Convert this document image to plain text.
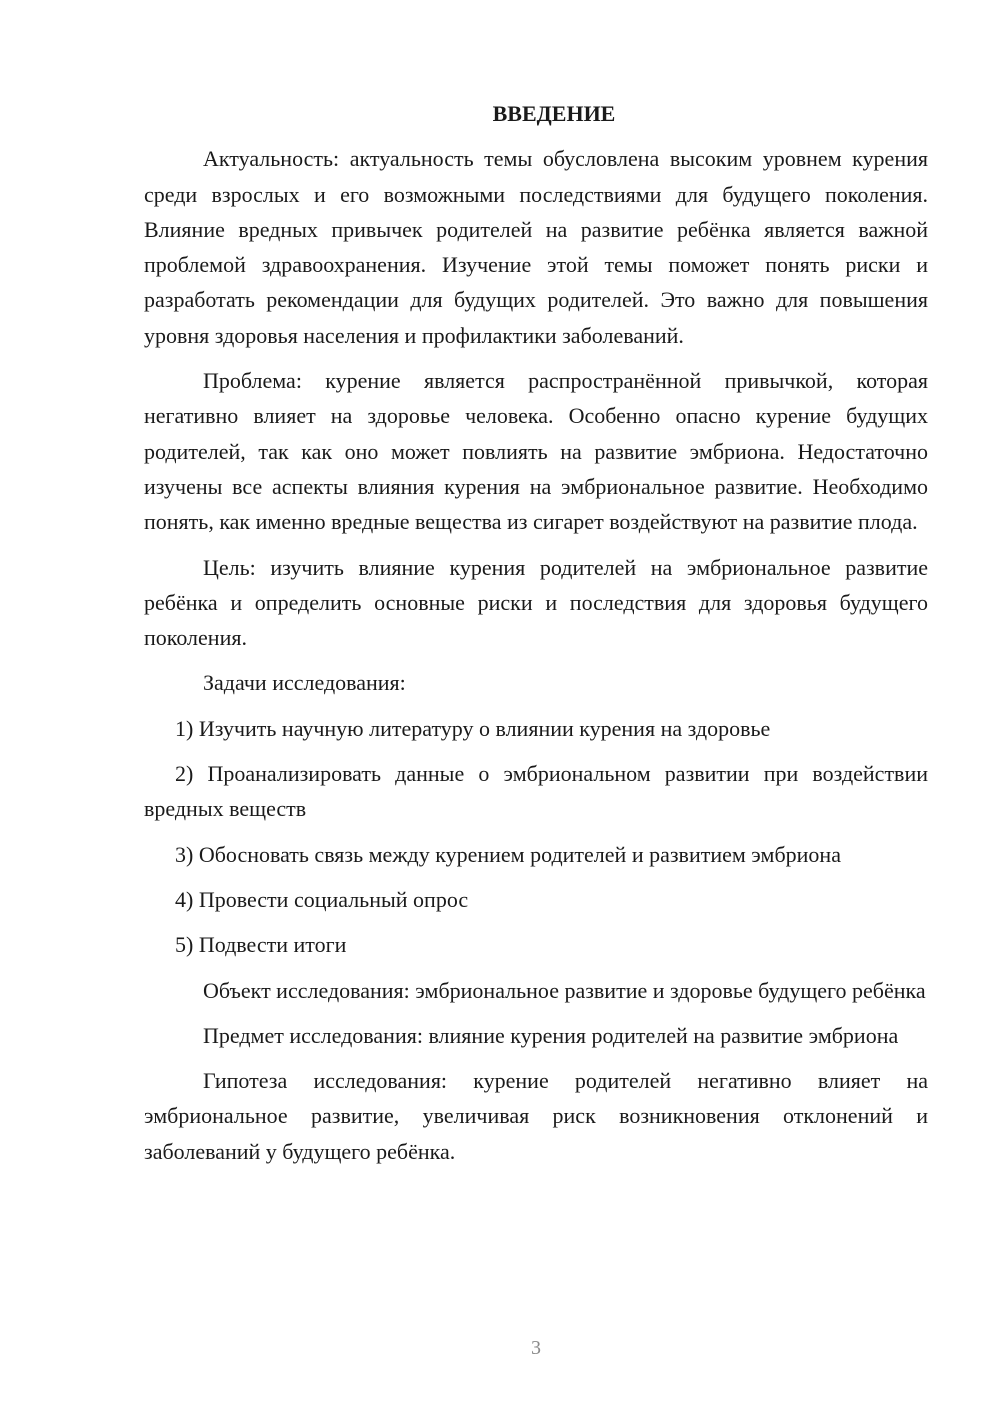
ВВЕДЕНИЕ

Актуальность: актуальность темы обусловлена высоким уровнем курения среди взрослых и его возможными последствиями для будущего поколения. Влияние вредных привычек родителей на развитие ребёнка является важной проблемой здравоохранения. Изучение этой темы поможет понять риски и разработать рекомендации для будущих родителей. Это важно для повышения уровня здоровья населения и профилактики заболеваний.

Проблема: курение является распространённой привычкой, которая негативно влияет на здоровье человека. Особенно опасно курение будущих родителей, так как оно может повлиять на развитие эмбриона. Недостаточно изучены все аспекты влияния курения на эмбриональное развитие. Необходимо понять, как именно вредные вещества из сигарет воздействуют на развитие плода.

Цель: изучить влияние курения родителей на эмбриональное развитие ребёнка и определить основные риски и последствия для здоровья будущего поколения.

Задачи исследования:

1) Изучить научную литературу о влиянии курения на здоровье

2) Проанализировать данные о эмбриональном развитии при воздействии вредных веществ

3) Обосновать связь между курением родителей и развитием эмбриона

4) Провести социальный опрос

5) Подвести итоги

Объект исследования: эмбриональное развитие и здоровье будущего ребёнка

Предмет исследования: влияние курения родителей на развитие эмбриона

Гипотеза исследования: курение родителей негативно влияет на эмбриональное развитие, увеличивая риск возникновения отклонений и заболеваний у будущего ребёнка.

3
